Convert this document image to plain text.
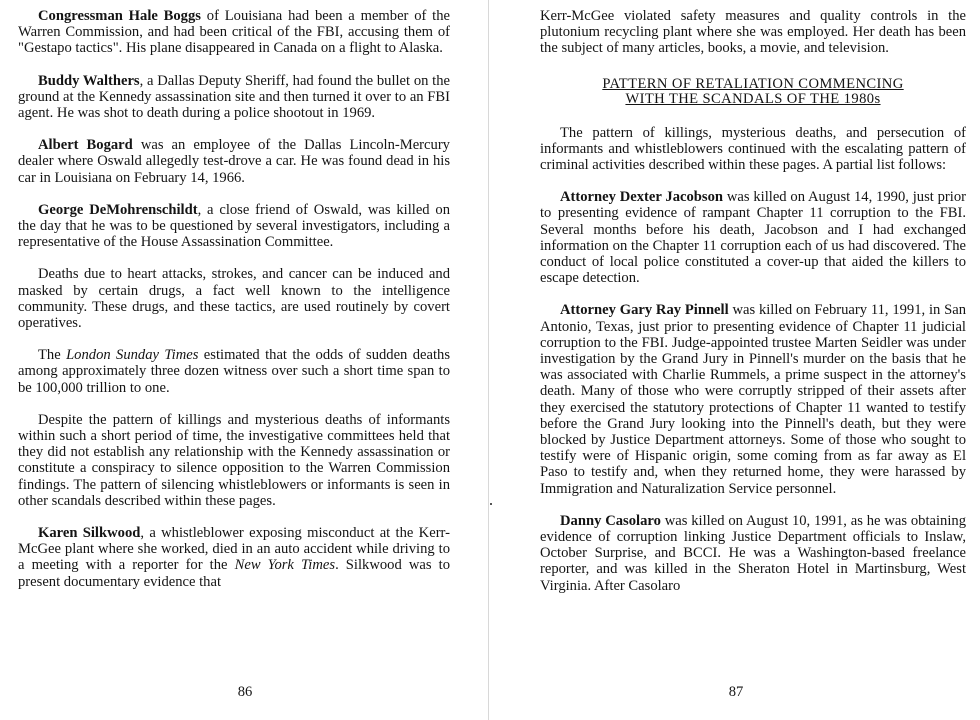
Congressman Hale Boggs of Louisiana had been a member of the Warren Commission, and had been critical of the FBI, accusing them of "Gestapo tactics". His plane disappeared in Canada on a flight to Alaska.

Buddy Walthers, a Dallas Deputy Sheriff, had found the bullet on the ground at the Kennedy assassination site and then turned it over to an FBI agent. He was shot to death during a police shootout in 1969.

Albert Bogard was an employee of the Dallas Lincoln-Mercury dealer where Oswald allegedly test-drove a car. He was found dead in his car in Louisiana on February 14, 1966.

George DeMohrenschildt, a close friend of Oswald, was killed on the day that he was to be questioned by several investigators, including a representative of the House Assassination Committee.

Deaths due to heart attacks, strokes, and cancer can be induced and masked by certain drugs, a fact well known to the intelligence community. These drugs, and these tactics, are used routinely by covert operatives.

The London Sunday Times estimated that the odds of sudden deaths among approximately three dozen witness over such a short time span to be 100,000 trillion to one.

Despite the pattern of killings and mysterious deaths of informants within such a short period of time, the investigative committees held that they did not establish any relationship with the Kennedy assassination or constitute a conspiracy to silence opposition to the Warren Commission findings. The pattern of silencing whistleblowers or informants is seen in other scandals described within these pages.

Karen Silkwood, a whistleblower exposing misconduct at the Kerr-McGee plant where she worked, died in an auto accident while driving to a meeting with a reporter for the New York Times. Silkwood was to present documentary evidence that

86

Kerr-McGee violated safety measures and quality controls in the plutonium recycling plant where she was employed. Her death has been the subject of many articles, books, a movie, and television.

PATTERN OF RETALIATION COMMENCING
WITH THE SCANDALS OF THE 1980s

The pattern of killings, mysterious deaths, and persecution of informants and whistleblowers continued with the escalating pattern of criminal activities described within these pages. A partial list follows:

Attorney Dexter Jacobson was killed on August 14, 1990, just prior to presenting evidence of rampant Chapter 11 corruption to the FBI. Several months before his death, Jacobson and I had exchanged information on the Chapter 11 corruption each of us had discovered. The conduct of local police constituted a cover-up that aided the killers to escape detection.

Attorney Gary Ray Pinnell was killed on February 11, 1991, in San Antonio, Texas, just prior to presenting evidence of Chapter 11 judicial corruption to the FBI. Judge-appointed trustee Marten Seidler was under investigation by the Grand Jury in Pinnell's murder on the basis that he was associated with Charlie Rummels, a prime suspect in the attorney's death. Many of those who were corruptly stripped of their assets after they exercised the statutory protections of Chapter 11 wanted to testify before the Grand Jury looking into the Pinnell's death, but they were blocked by Justice Department attorneys. Some of those who sought to testify were of Hispanic origin, some coming from as far away as El Paso to testify and, when they returned home, they were harassed by Immigration and Naturalization Service personnel.

Danny Casolaro was killed on August 10, 1991, as he was obtaining evidence of corruption linking Justice Department officials to Inslaw, October Surprise, and BCCI. He was a Washington-based freelance reporter, and was killed in the Sheraton Hotel in Martinsburg, West Virginia. After Casolaro

87
